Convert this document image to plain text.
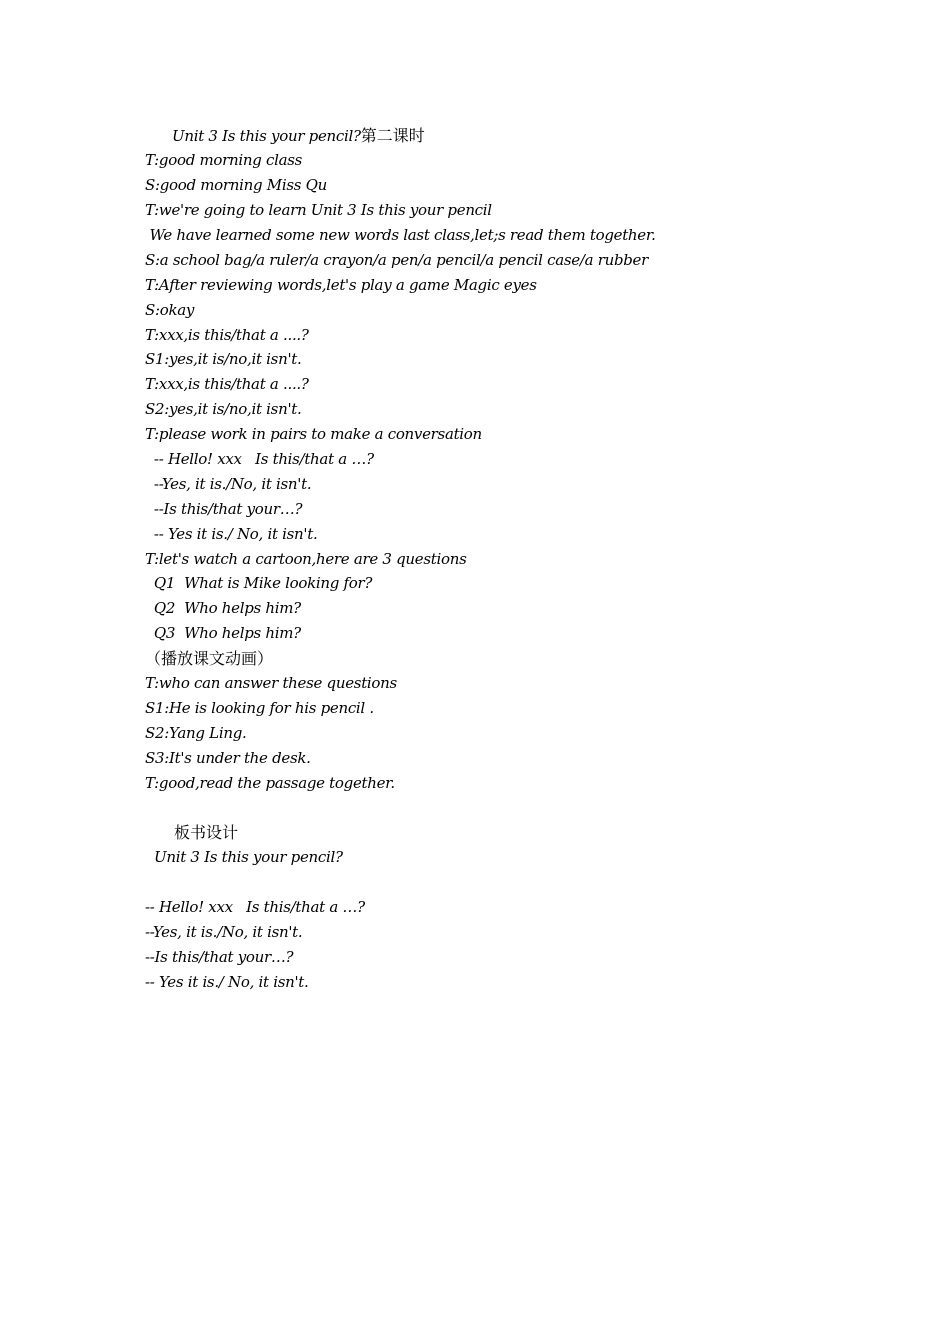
Unit 3 Is this your pencil?第二课时
T:good morning class
S:good morning Miss Qu
T:we're going to learn Unit 3 Is this your pencil
We have learned some new words last class,let;s read them together.
S:a school bag/a ruler/a crayon/a pen/a pencil/a pencil case/a rubber
T:After reviewing words,let's play a game Magic eyes
S:okay
T:xxx,is this/that a ....?
S1:yes,it is/no,it isn't.
T:xxx,is this/that a ....?
S2:yes,it is/no,it isn't.
T:please work in pairs to make a conversation
-- Hello! xxx   Is this/that a …?
--Yes, it is./No, it isn't.
--Is this/that your…?
-- Yes it is./ No, it isn't.
T:let's watch a cartoon,here are 3 questions
Q1  What is Mike looking for?
Q2  Who helps him?
Q3  Who helps him?
（播放课文动画）
T:who can answer these questions
S1:He is looking for his pencil .
S2:Yang Ling.
S3:It's under the desk.
T:good,read the passage together.
板书设计
Unit 3 Is this your pencil?
-- Hello! xxx   Is this/that a …?
--Yes, it is./No, it isn't.
--Is this/that your…?
-- Yes it is./ No, it isn't.
